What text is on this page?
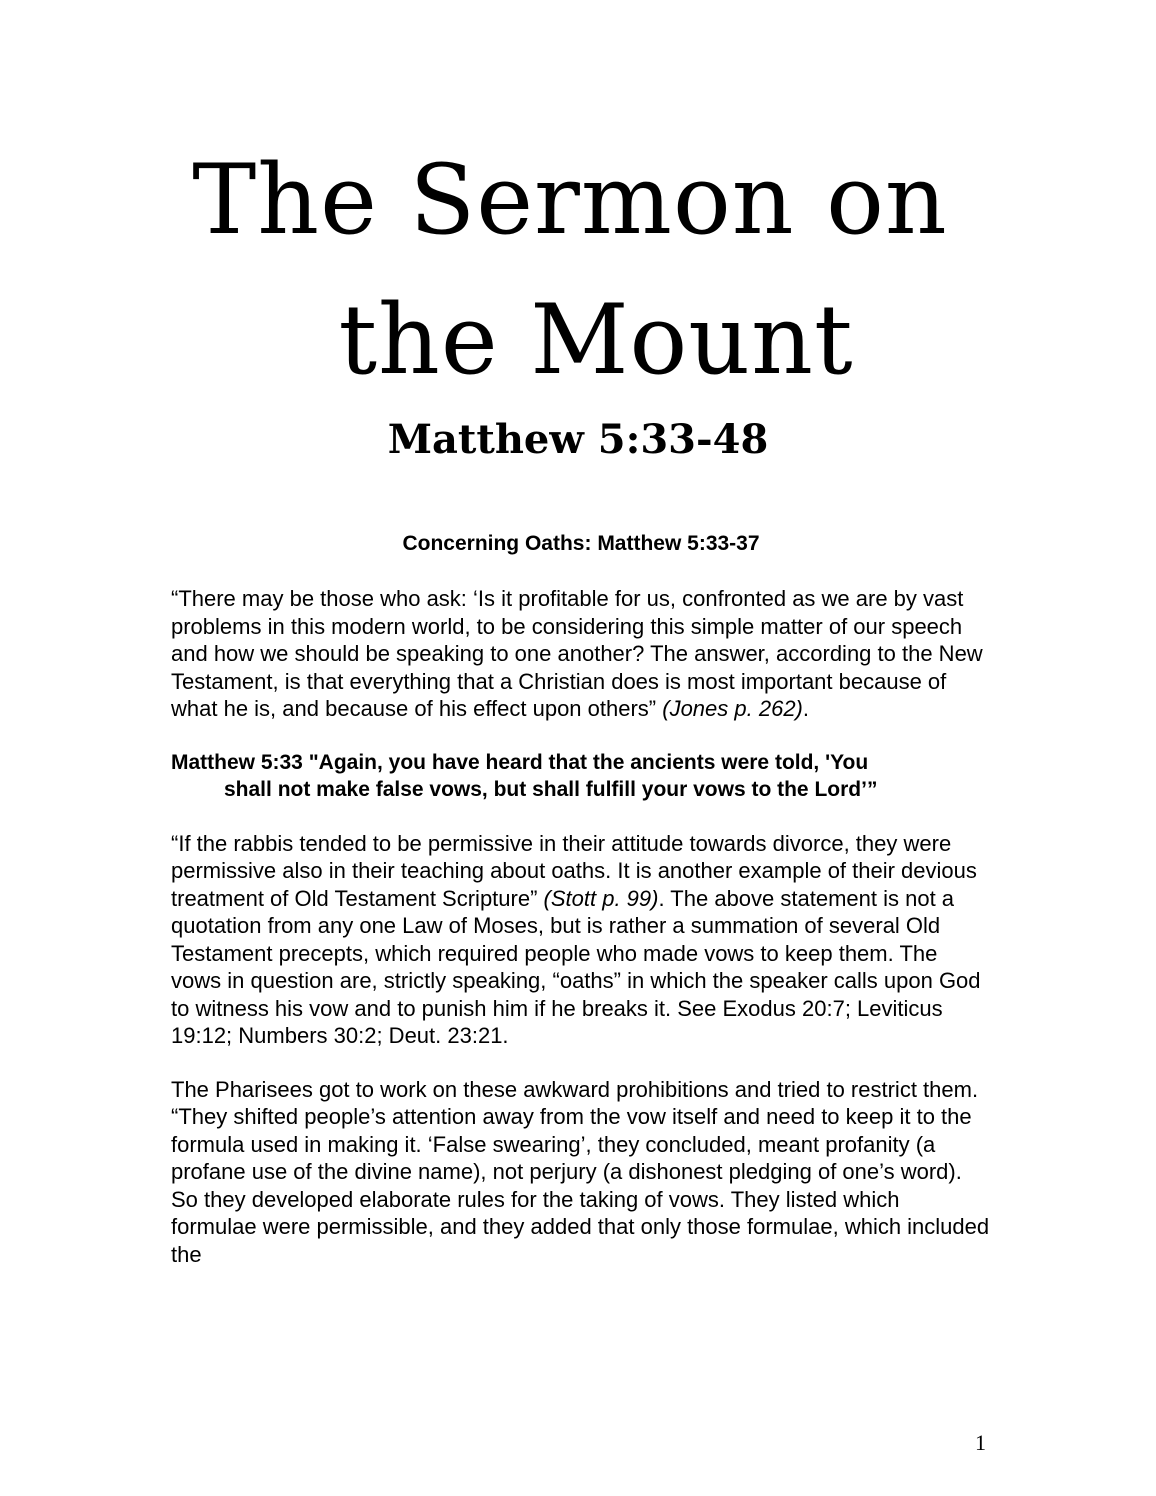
The Sermon on
the Mount
Matthew 5:33-48

Concerning Oaths: Matthew 5:33-37

“There may be those who ask: ‘Is it profitable for us, confronted as we are by vast problems in this modern world, to be considering this simple matter of our speech and how we should be speaking to one another? The answer, according to the New Testament, is that everything that a Christian does is most important because of what he is, and because of his effect upon others” (Jones p. 262).

Matthew 5:33 "Again, you have heard that the ancients were told, 'You
shall not make false vows, but shall fulfill your vows to the Lord’”

“If the rabbis tended to be permissive in their attitude towards divorce, they were permissive also in their teaching about oaths. It is another example of their devious treatment of Old Testament Scripture” (Stott p. 99). The above statement is not a quotation from any one Law of Moses, but is rather a summation of several Old Testament precepts, which required people who made vows to keep them. The vows in question are, strictly speaking, “oaths” in which the speaker calls upon God to witness his vow and to punish him if he breaks it. See Exodus 20:7; Leviticus 19:12; Numbers 30:2; Deut. 23:21.

The Pharisees got to work on these awkward prohibitions and tried to restrict them. “They shifted people’s attention away from the vow itself and need to keep it to the formula used in making it. ‘False swearing’, they concluded, meant profanity (a profane use of the divine name), not perjury (a dishonest pledging of one’s word). So they developed elaborate rules for the taking of vows. They listed which formulae were permissible, and they added that only those formulae, which included the

1
